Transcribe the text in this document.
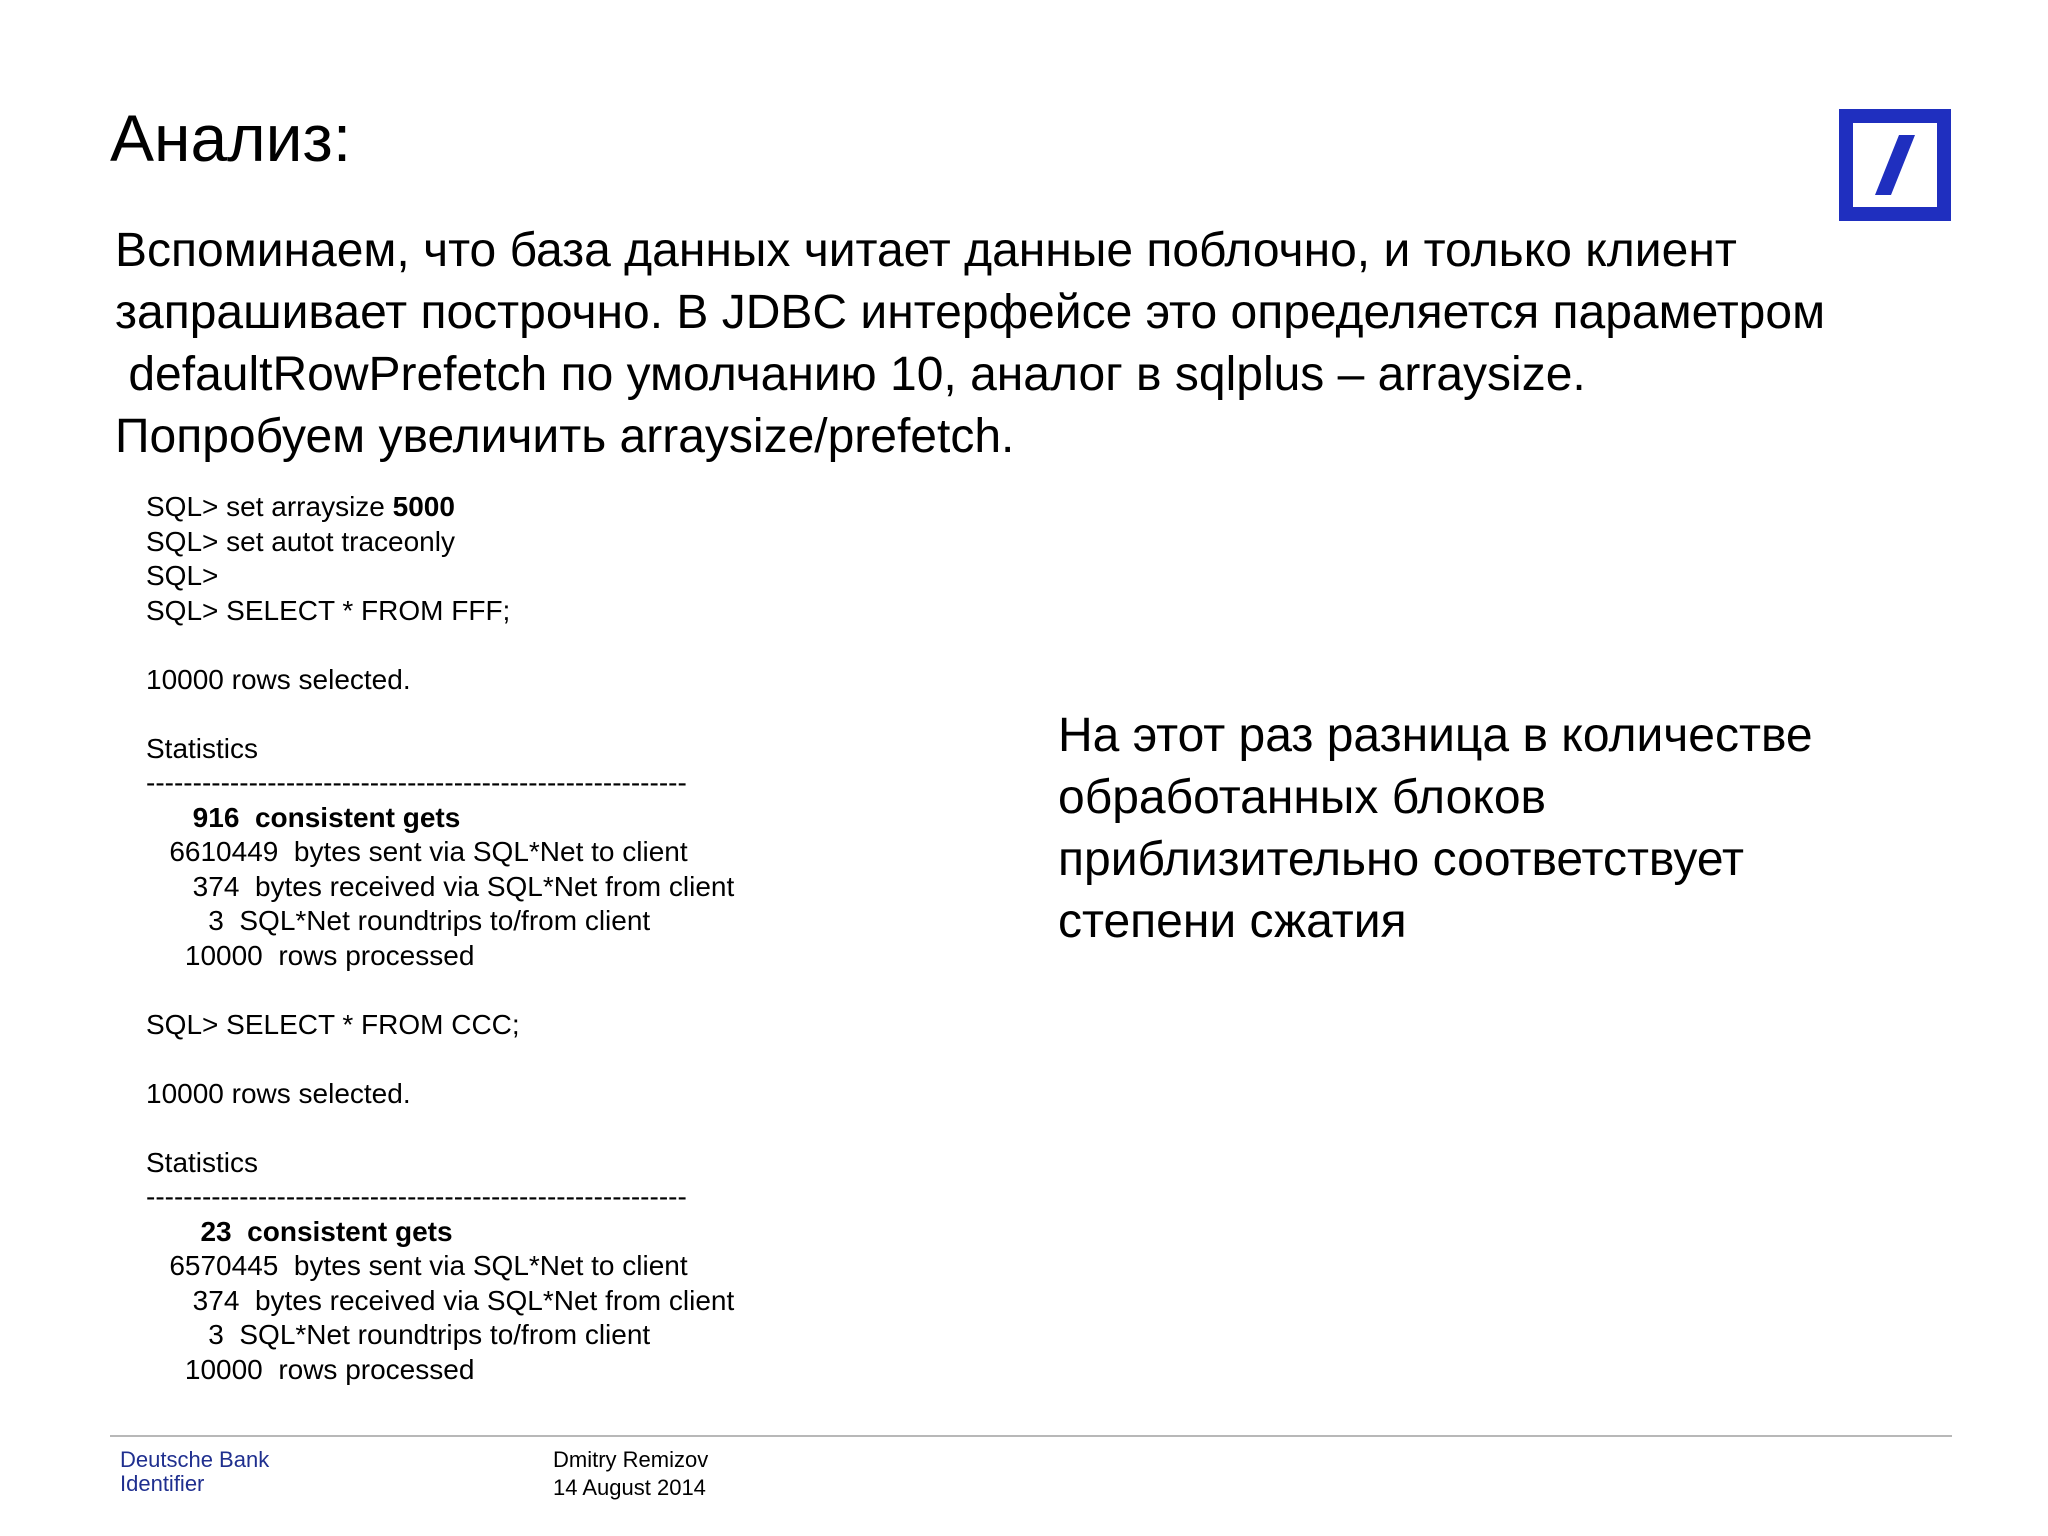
Анализ:
Вспоминаем, что база данных читает данные поблочно, и только клиент
запрашивает построчно. В JDBC интерфейсе это определяется параметром
defaultRowPrefetch по умолчанию 10, аналог в sqlplus – arraysize.
Попробуем увеличить arraysize/prefetch.
SQL> set arraysize 5000
SQL> set autot traceonly
SQL>
SQL> SELECT * FROM FFF;
10000 rows selected.
Statistics
----------------------------------------------------------
916  consistent gets
6610449  bytes sent via SQL*Net to client
374  bytes received via SQL*Net from client
3  SQL*Net roundtrips to/from client
10000  rows processed
SQL> SELECT * FROM CCC;
10000 rows selected.
Statistics
----------------------------------------------------------
23  consistent gets
6570445  bytes sent via SQL*Net to client
374  bytes received via SQL*Net from client
3  SQL*Net roundtrips to/from client
10000  rows processed
На этот раз разница в количестве
обработанных блоков
приблизительно соответствует
степени сжатия
Deutsche Bank
Identifier
Dmitry Remizov
14 August 2014
